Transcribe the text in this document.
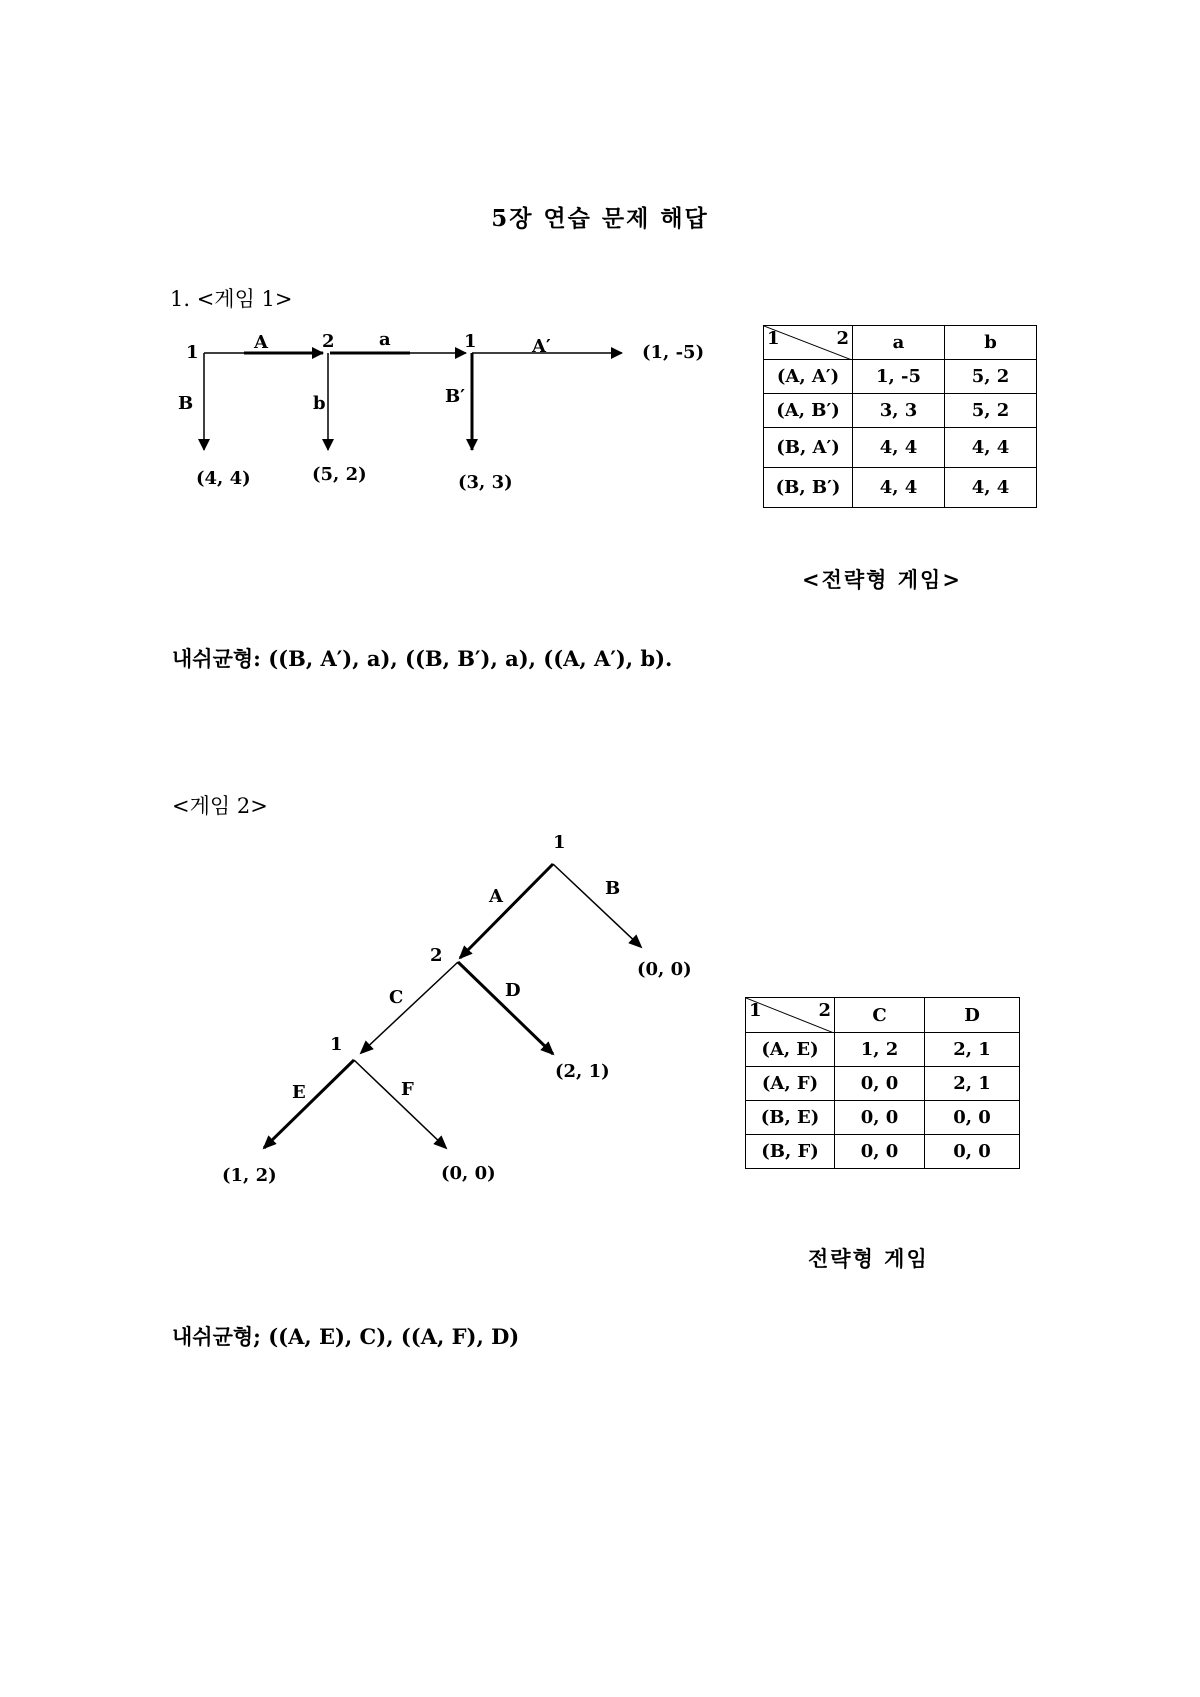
5장 연습 문제 해답
1. <게임 1>
1
2	1
A	a	A′
B	b	B′
(1, -5)
(4, 4)	(5, 2)	(3, 3)
1 2	a	b
(A, A′)	1, -5	5, 2
(A, B′)	3, 3	5, 2
(B, A′)	4, 4	4, 4
(B, B′)	4, 4	4, 4
<전략형 게임>
내쉬균형: ((B, A′), a), ((B, B′), a), ((A, A′), b).
<게임 2>
1
2
1
A	B
C	D
E	F
(0, 0)
(2, 1)
(1, 2)	(0, 0)
1 2	C	D
(A, E)	1, 2	2, 1
(A, F)	0, 0	2, 1
(B, E)	0, 0	0, 0
(B, F)	0, 0	0, 0
전략형 게임
내쉬균형; ((A, E), C), ((A, F), D)
